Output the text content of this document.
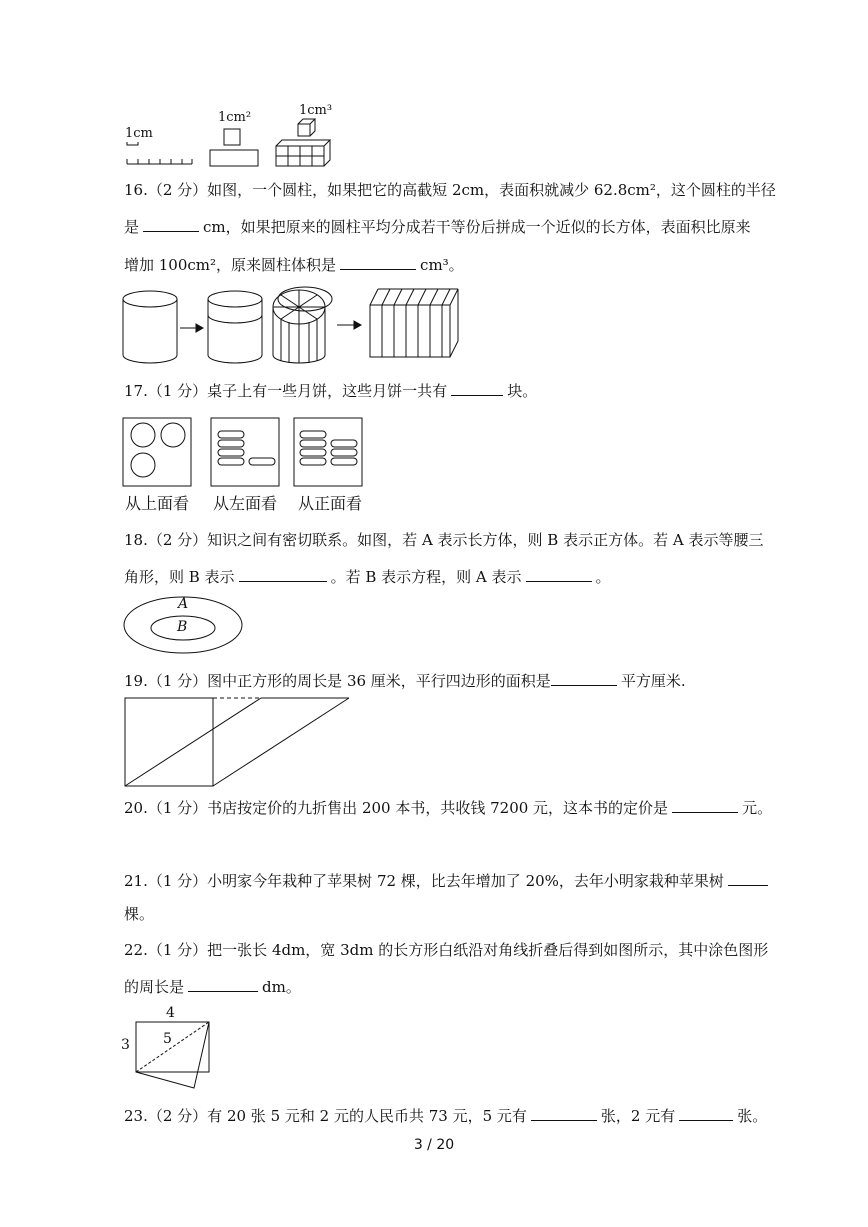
1cm
1cm²	1cm³
16.（2 分）如图，一个圆柱，如果把它的高截短 2cm，表面积就减少 62.8cm²，这个圆柱的半径
是	cm，如果把原来的圆柱平均分成若干等份后拼成一个近似的长方体，表面积比原来
增加 100cm²，原来圆柱体积是	cm³。
17.（1 分）桌子上有一些月饼，这些月饼一共有	块。
从上面看 从左面看 从正面看
18.（2 分）知识之间有密切联系。如图，若 A 表示长方体，则 B 表示正方体。若 A 表示等腰三
角形，则 B 表示	。若 B 表示方程，则 A 表示	。
A
B
19.（1 分）图中正方形的周长是 36 厘米，平行四边形的面积是	平方厘米.
20.（1 分）书店按定价的九折售出 200 本书，共收钱 7200 元，这本书的定价是	元。
21.（1 分）小明家今年栽种了苹果树 72 棵，比去年增加了 20%，去年小明家栽种苹果树
棵。
22.（1 分）把一张长 4dm，宽 3dm 的长方形白纸沿对角线折叠后得到如图所示，其中涂色图形
的周长是	dm。
4
3 5
23.（2 分）有 20 张 5 元和 2 元的人民币共 73 元，5 元有	张，2 元有	张。
3 / 20
